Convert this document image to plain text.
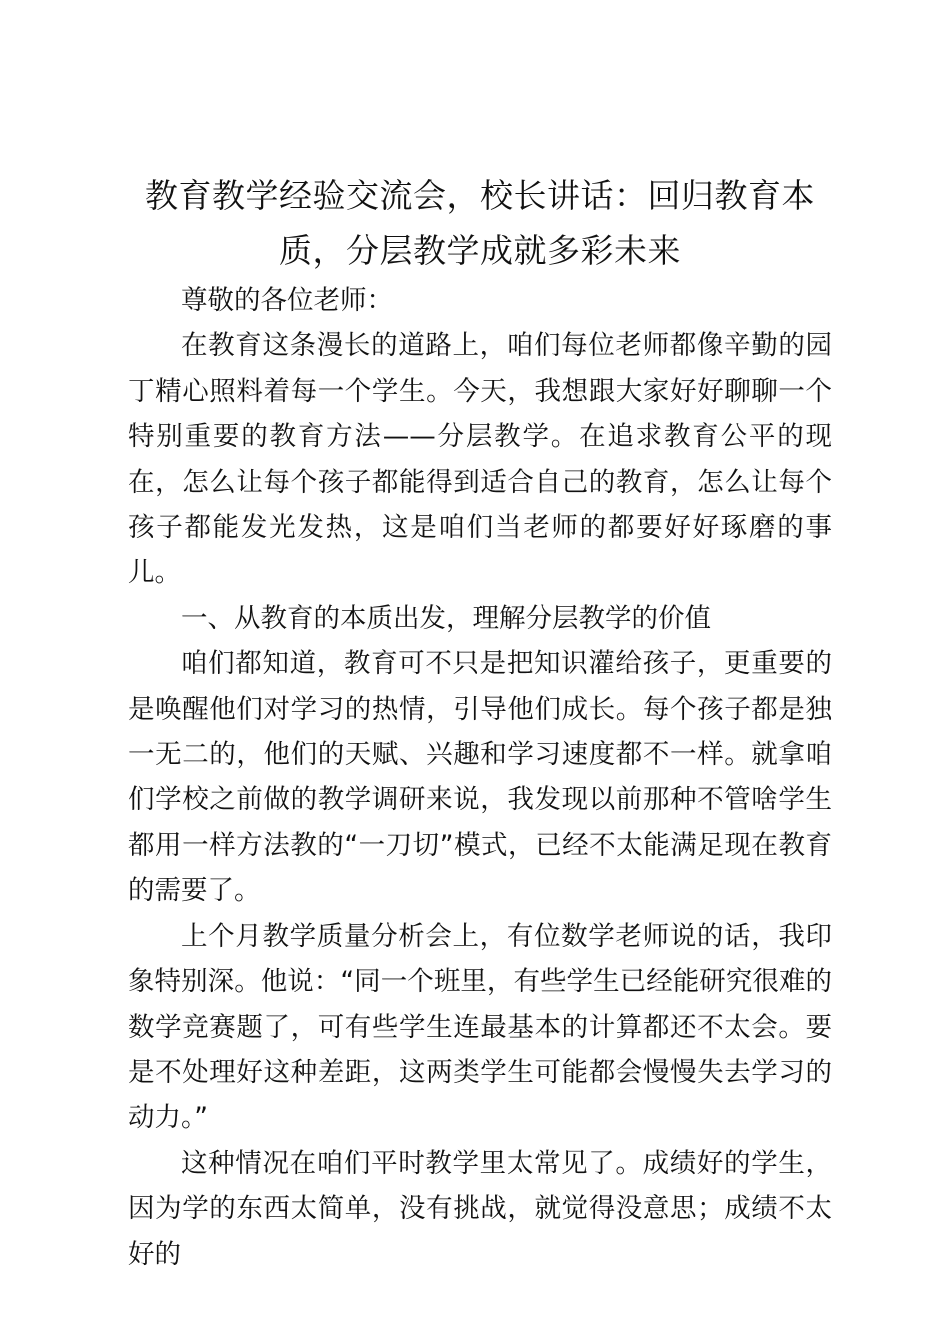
教育教学经验交流会，校长讲话：回归教育本质，分层教学成就多彩未来

尊敬的各位老师：

在教育这条漫长的道路上，咱们每位老师都像辛勤的园丁精心照料着每一个学生。今天，我想跟大家好好聊聊一个特别重要的教育方法——分层教学。在追求教育公平的现在，怎么让每个孩子都能得到适合自己的教育，怎么让每个孩子都能发光发热，这是咱们当老师的都要好好琢磨的事儿。

一、从教育的本质出发，理解分层教学的价值

咱们都知道，教育可不只是把知识灌给孩子，更重要的是唤醒他们对学习的热情，引导他们成长。每个孩子都是独一无二的，他们的天赋、兴趣和学习速度都不一样。就拿咱们学校之前做的教学调研来说，我发现以前那种不管啥学生都用一样方法教的“一刀切”模式，已经不太能满足现在教育的需要了。

上个月教学质量分析会上，有位数学老师说的话，我印象特别深。他说：“同一个班里，有些学生已经能研究很难的数学竞赛题了，可有些学生连最基本的计算都还不太会。要是不处理好这种差距，这两类学生可能都会慢慢失去学习的动力。”

这种情况在咱们平时教学里太常见了。成绩好的学生，因为学的东西太简单，没有挑战，就觉得没意思；成绩不太好的
